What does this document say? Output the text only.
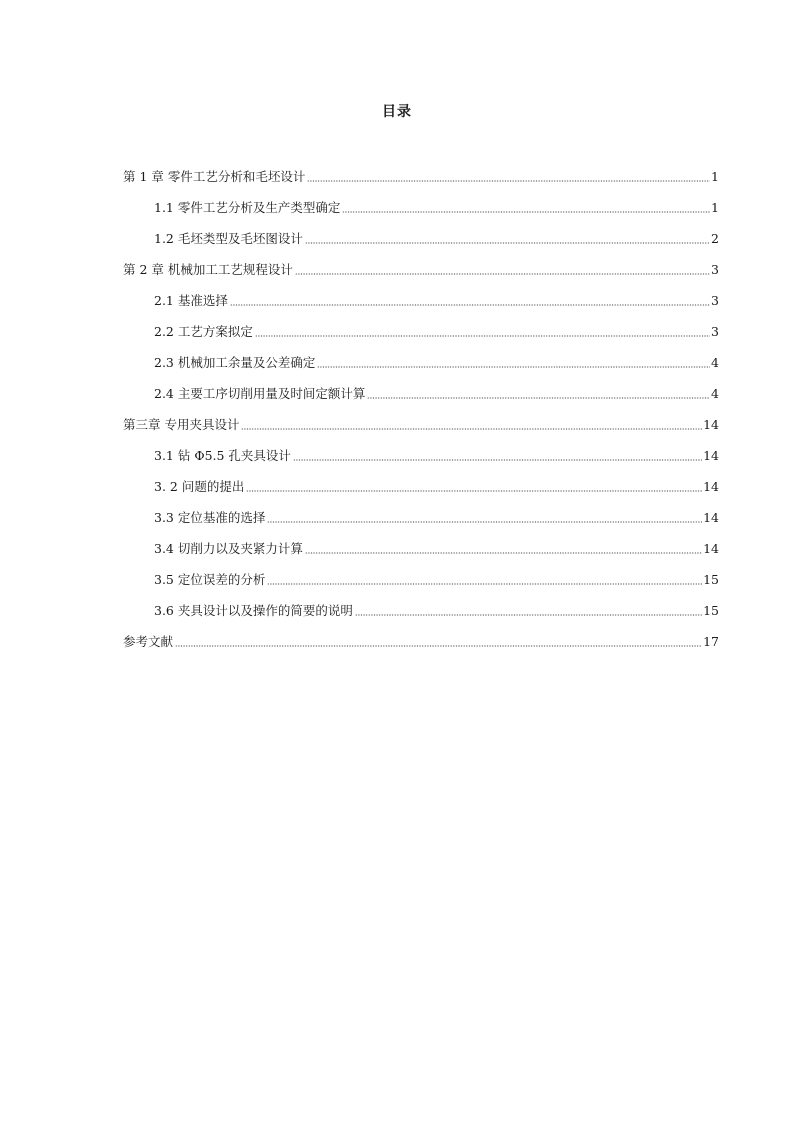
目录
第 1 章 零件工艺分析和毛坯设计	1
1.1 零件工艺分析及生产类型确定	1
1.2 毛坯类型及毛坯图设计	2
第 2 章 机械加工工艺规程设计	3
2.1 基准选择	3
2.2 工艺方案拟定	3
2.3 机械加工余量及公差确定	4
2.4 主要工序切削用量及时间定额计算	4
第三章 专用夹具设计	14
3.1 钻 Φ5.5 孔夹具设计	14
3. 2 问题的提出	14
3.3 定位基准的选择	14
3.4 切削力以及夹紧力计算	14
3.5 定位误差的分析	15
3.6 夹具设计以及操作的简要的说明	15
参考文献	17
